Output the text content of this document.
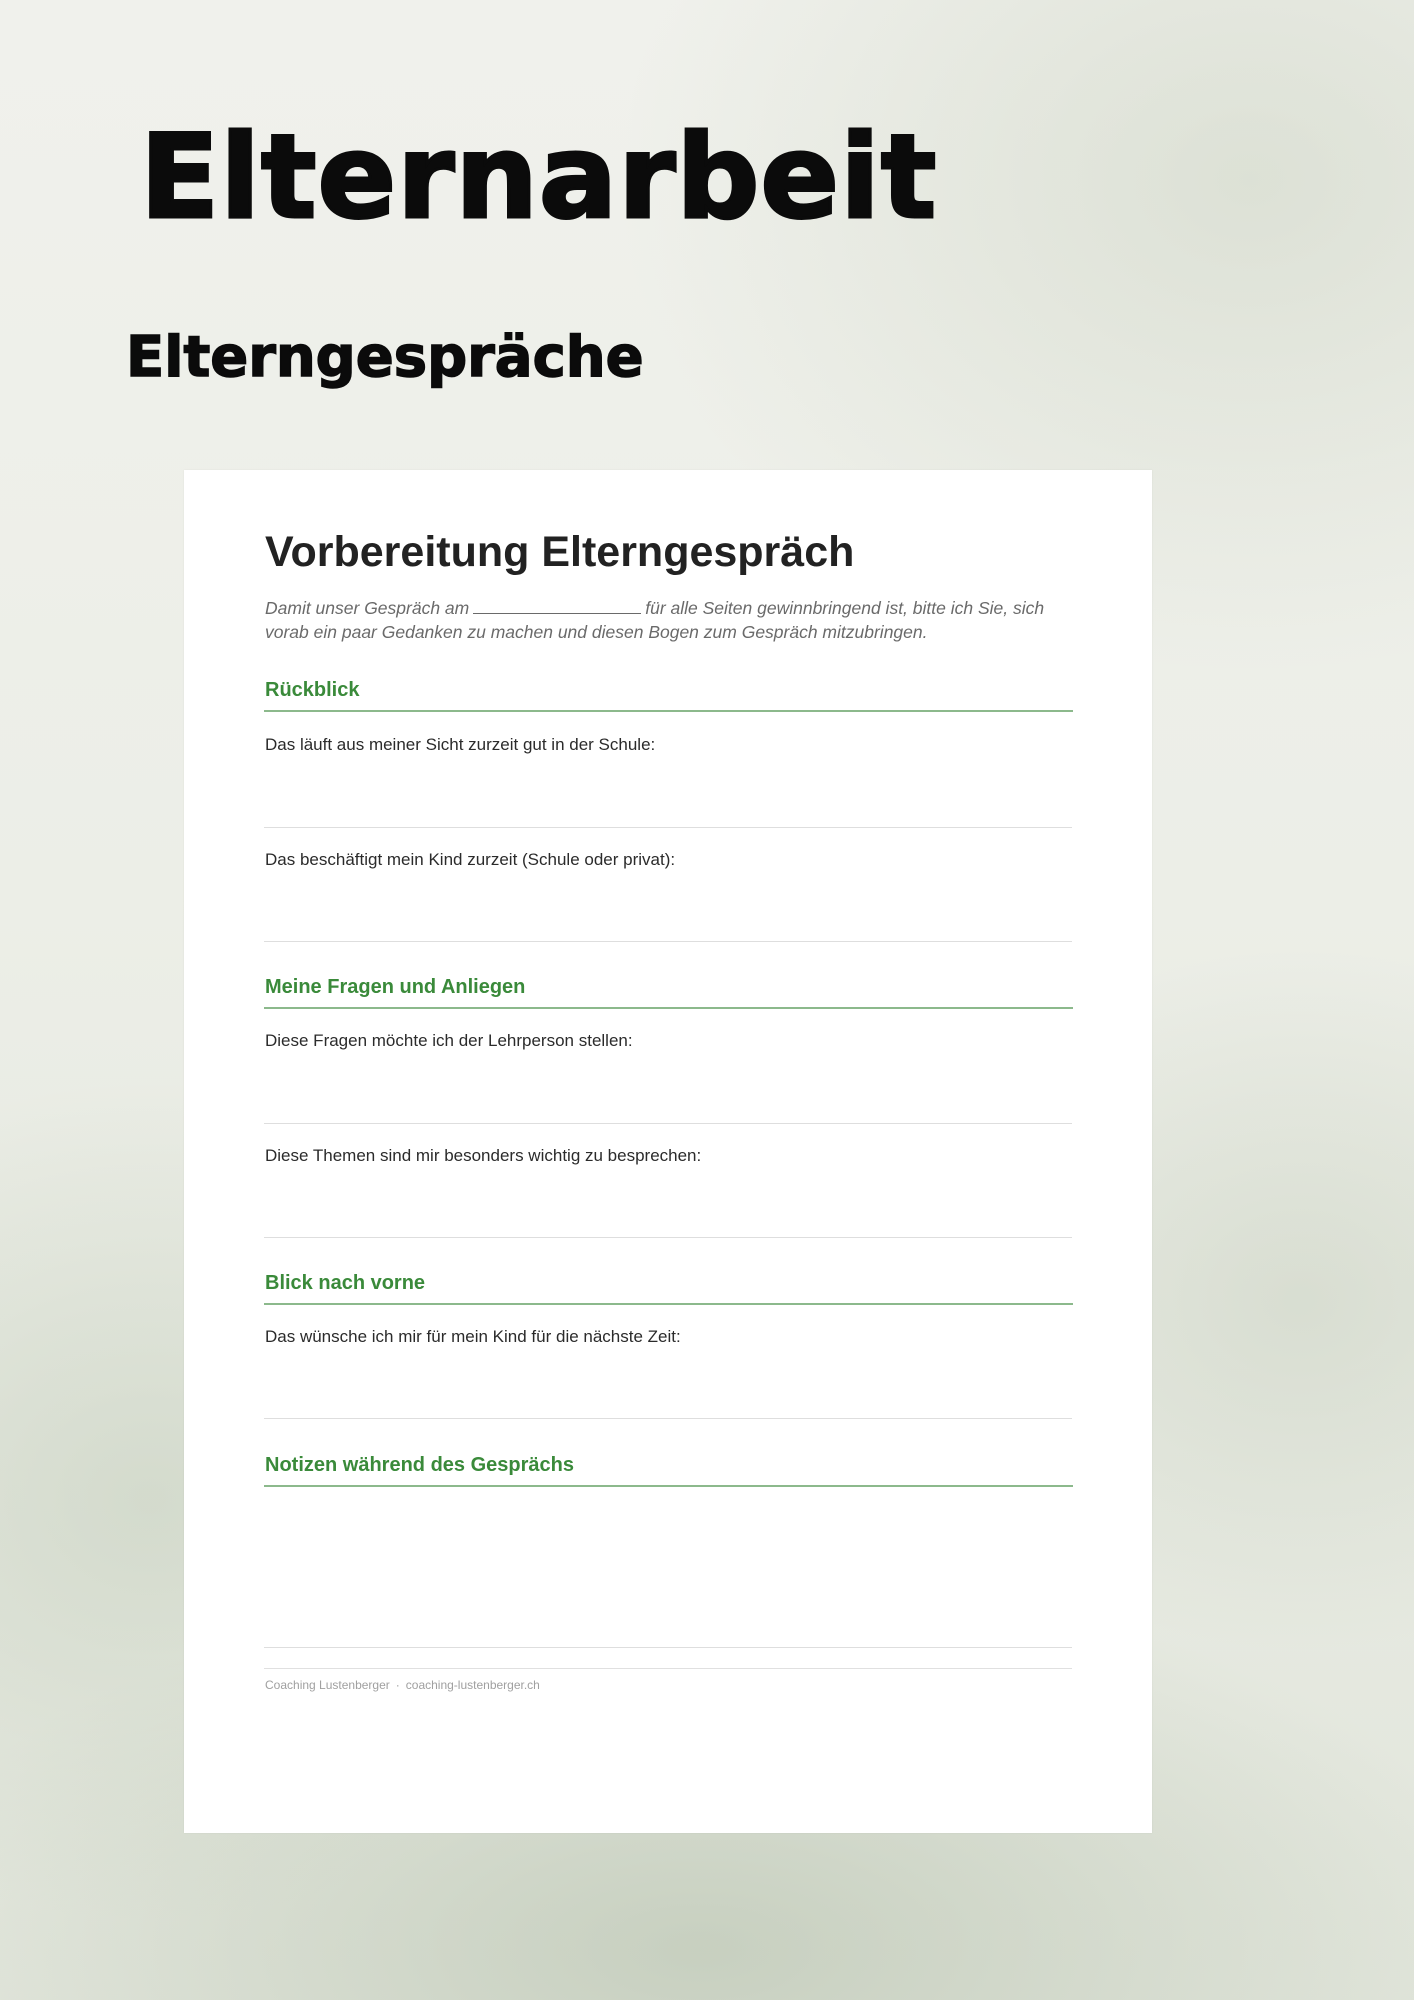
Elternarbeit
Elterngespräche
Vorbereitung Elterngespräch

Damit unser Gespräch am	für alle Seiten gewinnbringend ist, bitte ich Sie, sich vorab ein paar Gedanken zu machen und diesen Bogen zum Gespräch mitzubringen.

Rückblick

Das läuft aus meiner Sicht zurzeit gut in der Schule:

Das beschäftigt mein Kind zurzeit (Schule oder privat):

Meine Fragen und Anliegen

Diese Fragen möchte ich der Lehrperson stellen:

Diese Themen sind mir besonders wichtig zu besprechen:

Blick nach vorne

Das wünsche ich mir für mein Kind für die nächste Zeit:

Notizen während des Gesprächs
Coaching Lustenberger · coaching-lustenberger.ch
